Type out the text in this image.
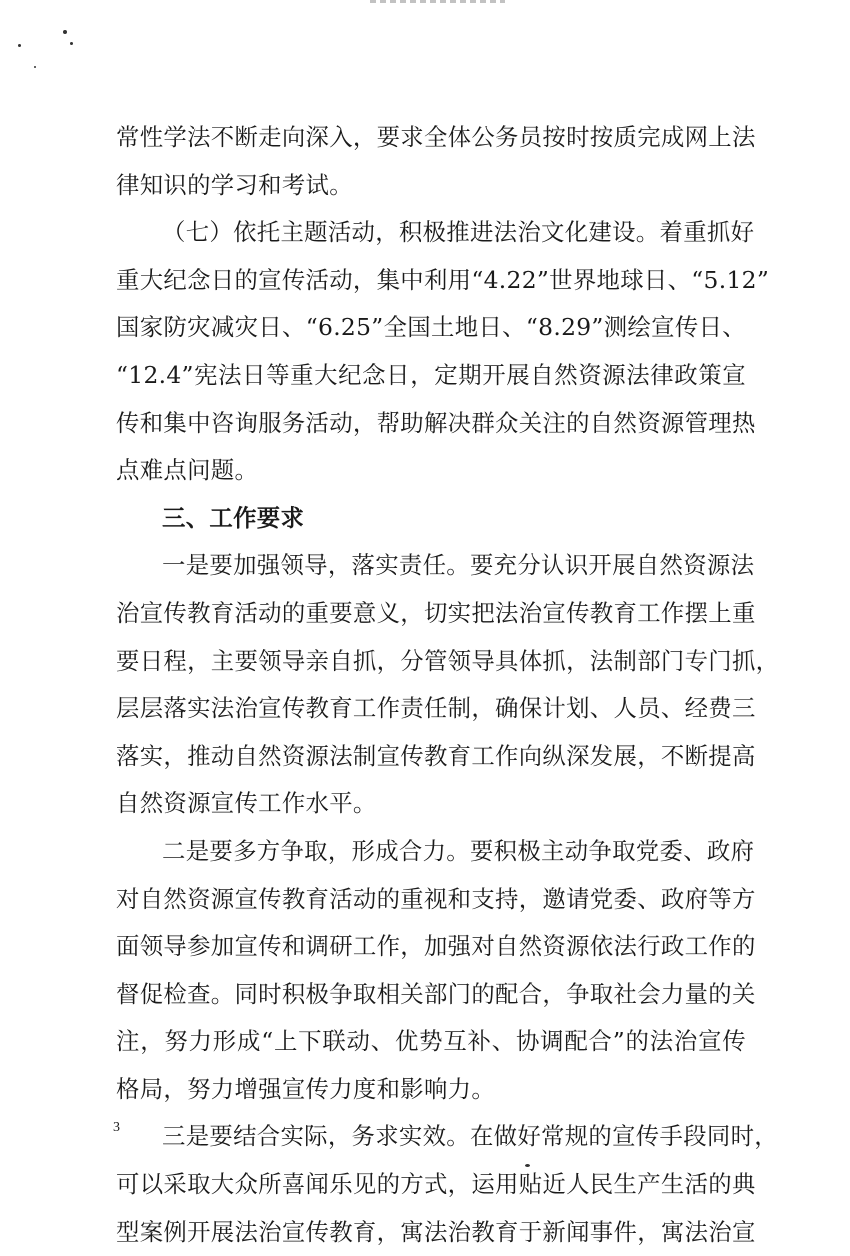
常性学法不断走向深入，要求全体公务员按时按质完成网上法
律知识的学习和考试。
（七）依托主题活动，积极推进法治文化建设。着重抓好
重大纪念日的宣传活动，集中利用“4.22”世界地球日、“5.12”
国家防灾减灾日、“6.25”全国土地日、“8.29”测绘宣传日、
“12.4”宪法日等重大纪念日，定期开展自然资源法律政策宣
传和集中咨询服务活动，帮助解决群众关注的自然资源管理热
点难点问题。
三、工作要求
一是要加强领导，落实责任。要充分认识开展自然资源法
治宣传教育活动的重要意义，切实把法治宣传教育工作摆上重
要日程，主要领导亲自抓，分管领导具体抓，法制部门专门抓，
层层落实法治宣传教育工作责任制，确保计划、人员、经费三
落实，推动自然资源法制宣传教育工作向纵深发展，不断提高
自然资源宣传工作水平。
二是要多方争取，形成合力。要积极主动争取党委、政府
对自然资源宣传教育活动的重视和支持，邀请党委、政府等方
面领导参加宣传和调研工作，加强对自然资源依法行政工作的
督促检查。同时积极争取相关部门的配合，争取社会力量的关
注，努力形成“上下联动、优势互补、协调配合”的法治宣传
格局，努力增强宣传力度和影响力。
三是要结合实际，务求实效。在做好常规的宣传手段同时，
可以采取大众所喜闻乐见的方式，运用贴近人民生产生活的典
型案例开展法治宣传教育，寓法治教育于新闻事件，寓法治宣
3
